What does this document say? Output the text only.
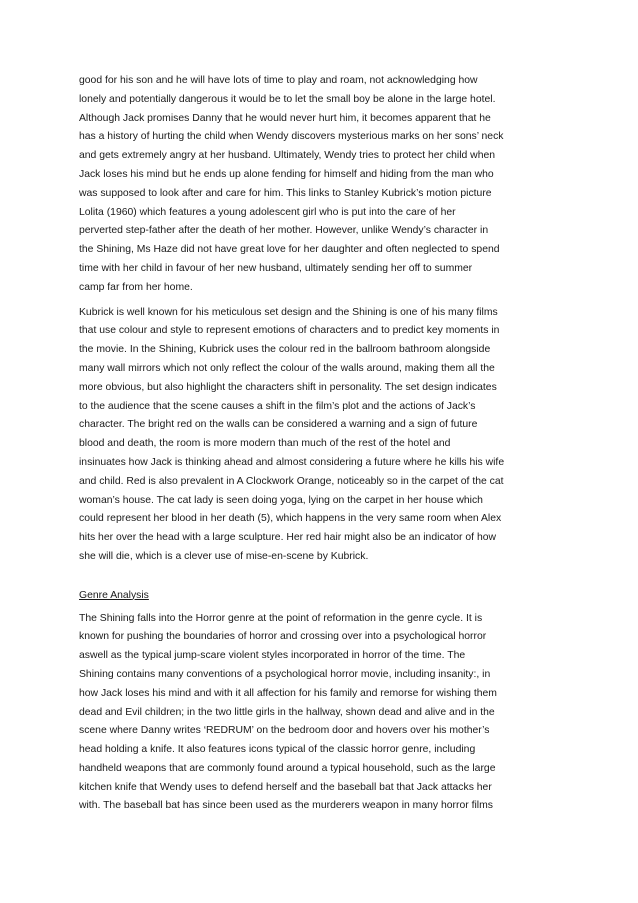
good for his son and he will have lots of time to play and roam, not acknowledging how
lonely and potentially dangerous it would be to let the small boy be alone in the large hotel.
Although Jack promises Danny that he would never hurt him, it becomes apparent that he
has a history of hurting the child when Wendy discovers mysterious marks on her sons’ neck
and gets extremely angry at her husband. Ultimately, Wendy tries to protect her child when
Jack loses his mind but he ends up alone fending for himself and hiding from the man who
was supposed to look after and care for him. This links to Stanley Kubrick’s motion picture
Lolita (1960) which features a young adolescent girl who is put into the care of her
perverted step-father after the death of her mother. However, unlike Wendy’s character in
the Shining, Ms Haze did not have great love for her daughter and often neglected to spend
time with her child in favour of her new husband, ultimately sending her off to summer
camp far from her home.
Kubrick is well known for his meticulous set design and the Shining is one of his many films
that use colour and style to represent emotions of characters and to predict key moments in
the movie. In the Shining, Kubrick uses the colour red in the ballroom bathroom alongside
many wall mirrors which not only reflect the colour of the walls around, making them all the
more obvious, but also highlight the characters shift in personality. The set design indicates
to the audience that the scene causes a shift in the film’s plot and the actions of Jack’s
character. The bright red on the walls can be considered a warning and a sign of future
blood and death, the room is more modern than much of the rest of the hotel and
insinuates how Jack is thinking ahead and almost considering a future where he kills his wife
and child. Red is also prevalent in A Clockwork Orange, noticeably so in the carpet of the cat
woman’s house. The cat lady is seen doing yoga, lying on the carpet in her house which
could represent her blood in her death (5), which happens in the very same room when Alex
hits her over the head with a large sculpture. Her red hair might also be an indicator of how
she will die, which is a clever use of mise-en-scene by Kubrick.
Genre Analysis
The Shining falls into the Horror genre at the point of reformation in the genre cycle. It is
known for pushing the boundaries of horror and crossing over into a psychological horror
aswell as the typical jump-scare violent styles incorporated in horror of the time. The
Shining contains many conventions of a psychological horror movie, including insanity:, in
how Jack loses his mind and with it all affection for his family and remorse for wishing them
dead and Evil children; in the two little girls in the hallway, shown dead and alive and in the
scene where Danny writes ‘REDRUM’ on the bedroom door and hovers over his mother’s
head holding a knife. It also features icons typical of the classic horror genre, including
handheld weapons that are commonly found around a typical household, such as the large
kitchen knife that Wendy uses to defend herself and the baseball bat that Jack attacks her
with. The baseball bat has since been used as the murderers weapon in many horror films
